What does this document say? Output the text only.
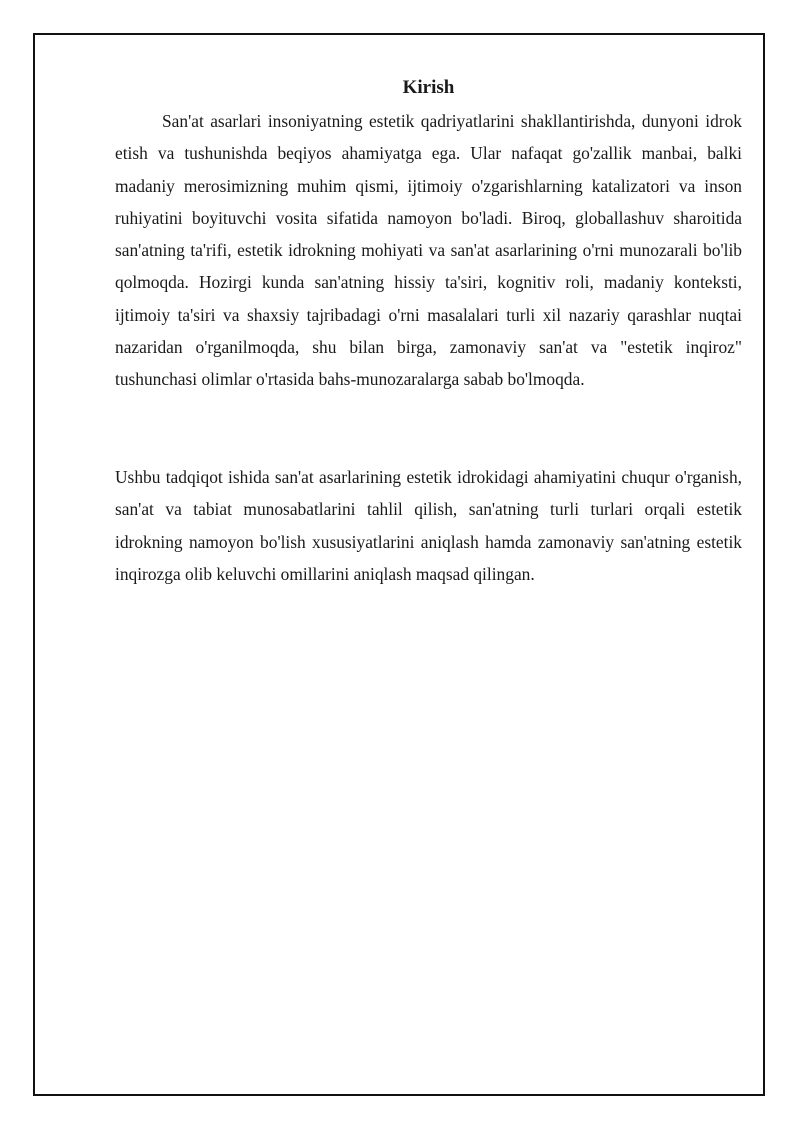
Kirish

San'at asarlari insoniyatning estetik qadriyatlarini shakllantirishda, dunyoni idrok etish va tushunishda beqiyos ahamiyatga ega. Ular nafaqat go'zallik manbai, balki madaniy merosimizning muhim qismi, ijtimoiy o'zgarishlarning katalizatori va inson ruhiyatini boyituvchi vosita sifatida namoyon bo'ladi. Biroq, globallashuv sharoitida san'atning ta'rifi, estetik idrokning mohiyati va san'at asarlarining o'rni munozarali bo'lib qolmoqda. Hozirgi kunda san'atning hissiy ta'siri, kognitiv roli, madaniy konteksti, ijtimoiy ta'siri va shaxsiy tajribadagi o'rni masalalari turli xil nazariy qarashlar nuqtai nazaridan o'rganilmoqda, shu bilan birga, zamonaviy san'at va "estetik inqiroz" tushunchasi olimlar o'rtasida bahs-munozaralarga sabab bo'lmoqda.

Ushbu tadqiqot ishida san'at asarlarining estetik idrokidagi ahamiyatini chuqur o'rganish, san'at va tabiat munosabatlarini tahlil qilish, san'atning turli turlari orqali estetik idrokning namoyon bo'lish xususiyatlarini aniqlash hamda zamonaviy san'atning estetik inqirozga olib keluvchi omillarini aniqlash maqsad qilingan.
